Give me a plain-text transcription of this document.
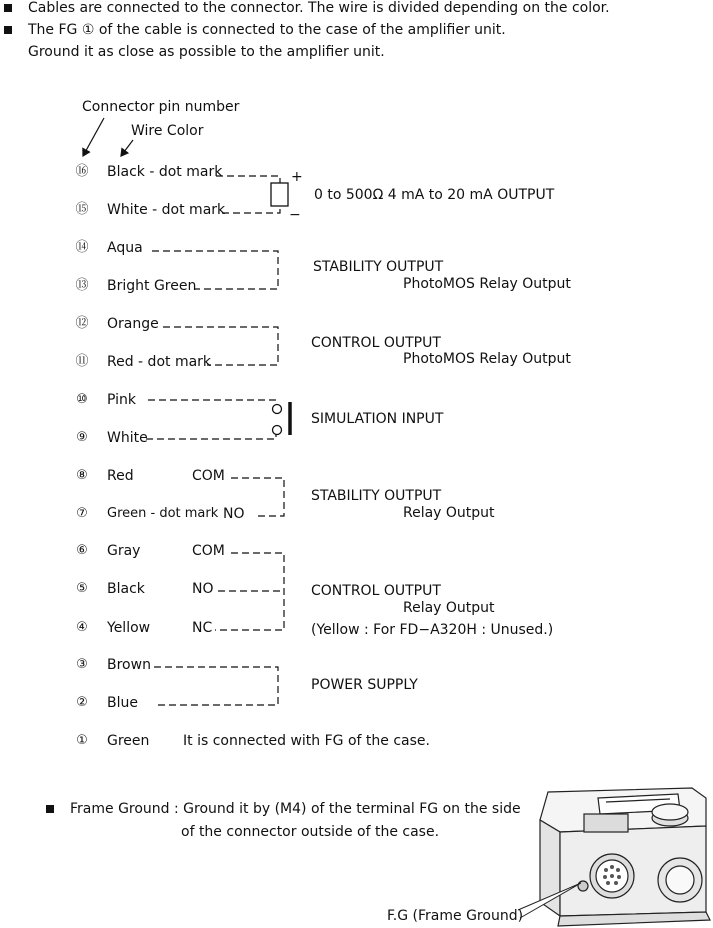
Cables are connected to the connector. The wire is divided depending on the color.
The FG ① of the cable is connected to the case of the amplifier unit.
Ground it as close as possible to the amplifier unit.
Connector pin number
Wire Color
+
−
⑯ Black - dot mark
⑮ White - dot mark
⑭ Aqua
⑬ Bright Green
⑫ Orange
⑪ Red - dot mark
⑩ Pink
⑨ White
⑧ Red	COM
⑦ Green - dot mark NO
⑥ Gray	COM
⑤ Black	NO
④ Yellow	NC
③ Brown
② Blue
① Green It is connected with FG of the case.
0 to 500Ω 4 mA to 20 mA OUTPUT
STABILITY OUTPUT
PhotoMOS Relay Output
CONTROL OUTPUT
PhotoMOS Relay Output
SIMULATION INPUT
STABILITY OUTPUT
Relay Output
CONTROL OUTPUT
Relay Output
(Yellow : For FD−A320H : Unused.)
POWER SUPPLY
Frame Ground : Ground it by (M4) of the terminal FG on the side
of the connector outside of the case.
F.G (Frame Ground)
